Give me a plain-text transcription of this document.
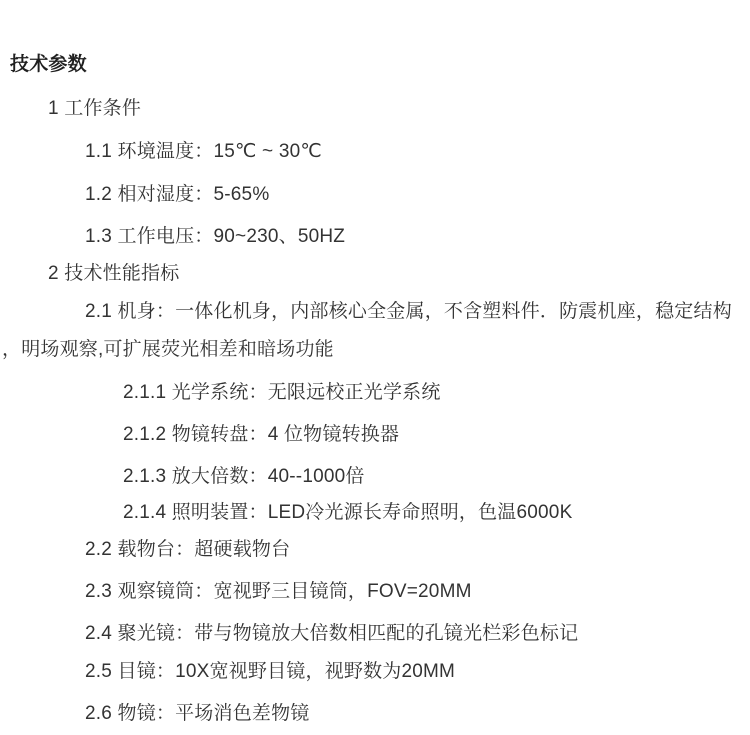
技术参数
1 工作条件
1.1 环境温度：15℃ ~ 30℃
1.2 相对湿度：5-65%
1.3 工作电压：90~230、50HZ
2 技术性能指标
2.1 机身：一体化机身，内部核心全金属，不含塑料件．防震机座，稳定结构
，明场观察,可扩展荧光相差和暗场功能
2.1.1 光学系统：无限远校正光学系统
2.1.2 物镜转盘：4 位物镜转换器
2.1.3 放大倍数：40--1000倍
2.1.4 照明装置：LED冷光源长寿命照明，色温6000K
2.2 载物台：超硬载物台
2.3 观察镜筒：宽视野三目镜筒，FOV=20MM
2.4 聚光镜：带与物镜放大倍数相匹配的孔镜光栏彩色标记
2.5 目镜：10X宽视野目镜，视野数为20MM
2.6 物镜：平场消色差物镜
